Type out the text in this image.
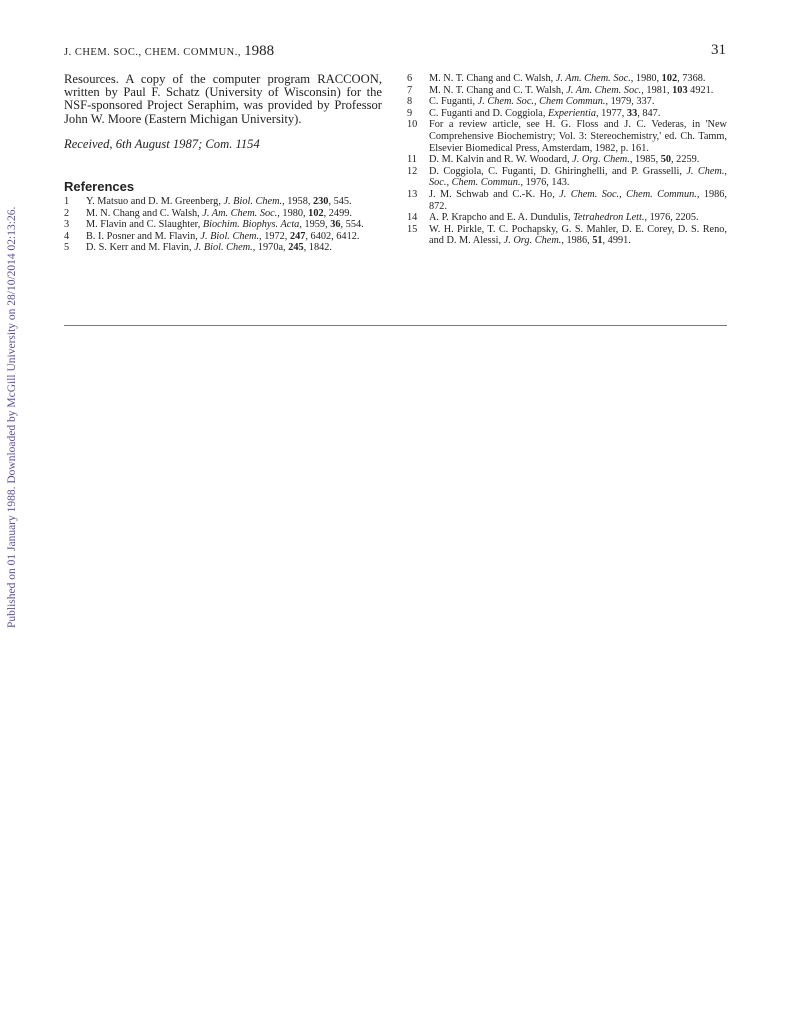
J. CHEM. SOC., CHEM. COMMUN., 1988	31
Published on 01 January 1988. Downloaded by McGill University on 28/10/2014 02:13:26.

Resources. A copy of the computer program RACCOON, written by Paul F. Schatz (University of Wisconsin) for the NSF-sponsored Project Seraphim, was provided by Professor John W. Moore (Eastern Michigan University).

Received, 6th August 1987; Com. 1154

References
1	Y. Matsuo and D. M. Greenberg, J. Biol. Chem., 1958, 230, 545.
2	M. N. Chang and C. Walsh, J. Am. Chem. Soc., 1980, 102, 2499.
3	M. Flavin and C. Slaughter, Biochim. Biophys. Acta, 1959, 36, 554.
4	B. I. Posner and M. Flavin, J. Biol. Chem., 1972, 247, 6402, 6412.
5	D. S. Kerr and M. Flavin, J. Biol. Chem., 1970a, 245, 1842.
6	M. N. T. Chang and C. Walsh, J. Am. Chem. Soc., 1980, 102, 7368.
7	M. N. T. Chang and C. T. Walsh, J. Am. Chem. Soc., 1981, 103 4921.
8	C. Fuganti, J. Chem. Soc., Chem Commun., 1979, 337.
9	C. Fuganti and D. Coggiola, Experientia, 1977, 33, 847.
10	For a review article, see H. G. Floss and J. C. Vederas, in 'New Comprehensive Biochemistry; Vol. 3: Stereochemistry,' ed. Ch. Tamm, Elsevier Biomedical Press, Amsterdam, 1982, p. 161.
11	D. M. Kalvin and R. W. Woodard, J. Org. Chem., 1985, 50, 2259.
12	D. Coggiola, C. Fuganti, D. Ghiringhelli, and P. Grasselli, J. Chem., Soc., Chem. Commun., 1976, 143.
13	J. M. Schwab and C.-K. Ho, J. Chem. Soc., Chem. Commun., 1986, 872.
14	A. P. Krapcho and E. A. Dundulis, Tetrahedron Lett., 1976, 2205.
15	W. H. Pirkle, T. C. Pochapsky, G. S. Mahler, D. E. Corey, D. S. Reno, and D. M. Alessi, J. Org. Chem., 1986, 51, 4991.
